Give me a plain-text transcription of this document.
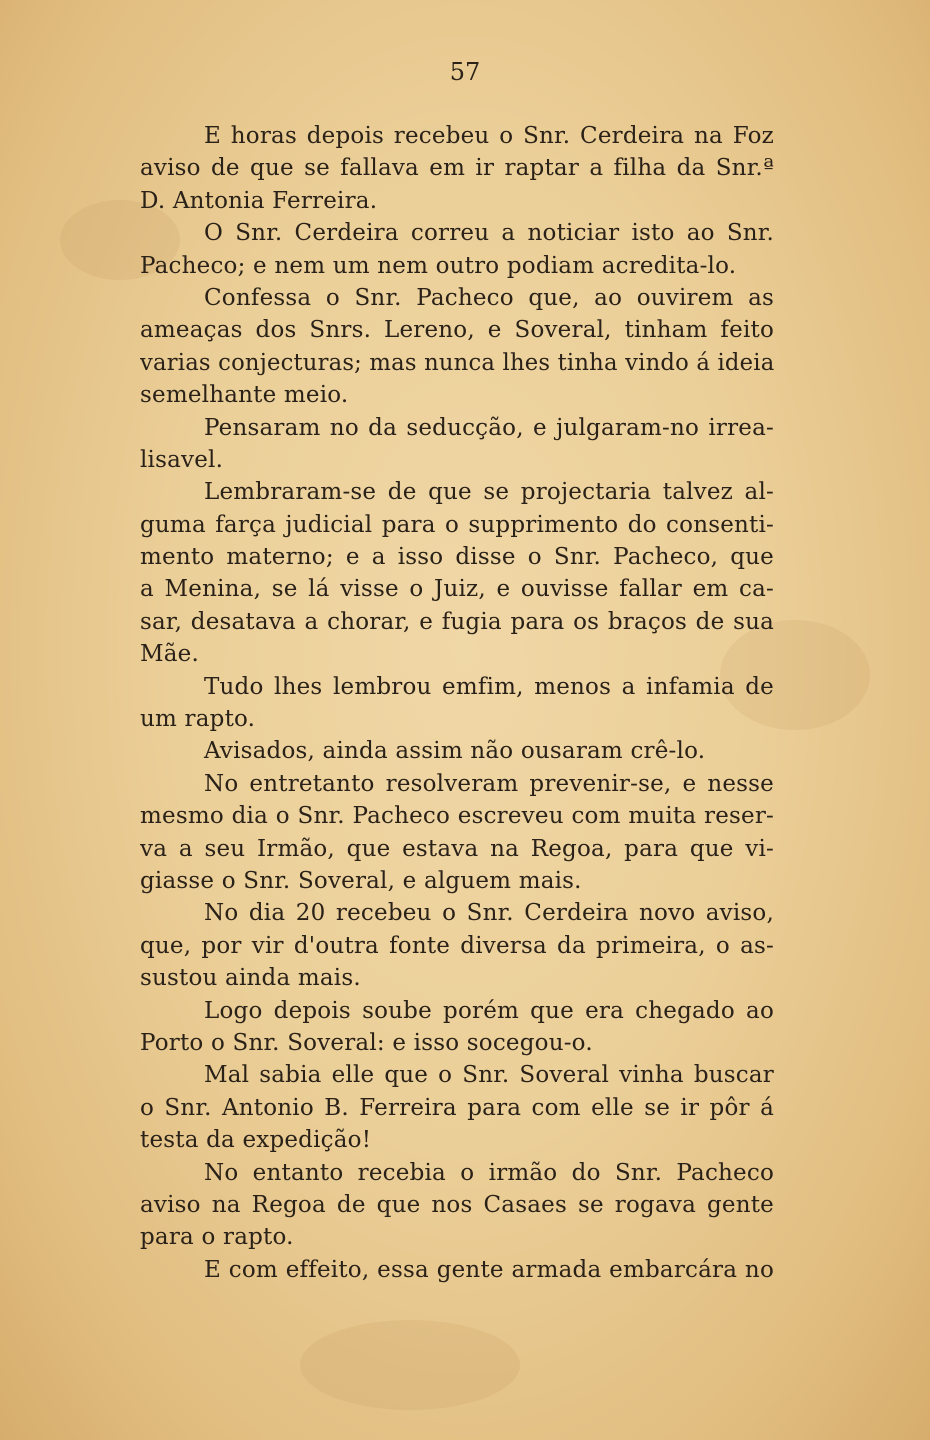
57
E horas depois recebeu o Snr. Cerdeira na Foz
aviso de que se fallava em ir raptar a filha da Snr.ª
D. Antonia Ferreira.
O Snr. Cerdeira correu a noticiar isto ao Snr.
Pacheco; e nem um nem outro podiam acredita-lo.
Confessa o Snr. Pacheco que, ao ouvirem as
ameaças dos Snrs. Lereno, e Soveral, tinham feito
varias conjecturas; mas nunca lhes tinha vindo á ideia
semelhante meio.
Pensaram no da seducção, e julgaram-no irrea-
lisavel.
Lembraram-se de que se projectaria talvez al-
guma farça judicial para o supprimento do consenti-
mento materno; e a isso disse o Snr. Pacheco, que
a Menina, se lá visse o Juiz, e ouvisse fallar em ca-
sar, desatava a chorar, e fugia para os braços de sua
Mãe.
Tudo lhes lembrou emfim, menos a infamia de
um rapto.
Avisados, ainda assim não ousaram crê-lo.
No entretanto resolveram prevenir-se, e nesse
mesmo dia o Snr. Pacheco escreveu com muita reser-
va a seu Irmão, que estava na Regoa, para que vi-
giasse o Snr. Soveral, e alguem mais.
No dia 20 recebeu o Snr. Cerdeira novo aviso,
que, por vir d'outra fonte diversa da primeira, o as-
sustou ainda mais.
Logo depois soube porém que era chegado ao
Porto o Snr. Soveral: e isso socegou-o.
Mal sabia elle que o Snr. Soveral vinha buscar
o Snr. Antonio B. Ferreira para com elle se ir pôr á
testa da expedição!
No entanto recebia o irmão do Snr. Pacheco
aviso na Regoa de que nos Casaes se rogava gente
para o rapto.
E com effeito, essa gente armada embarcára no
